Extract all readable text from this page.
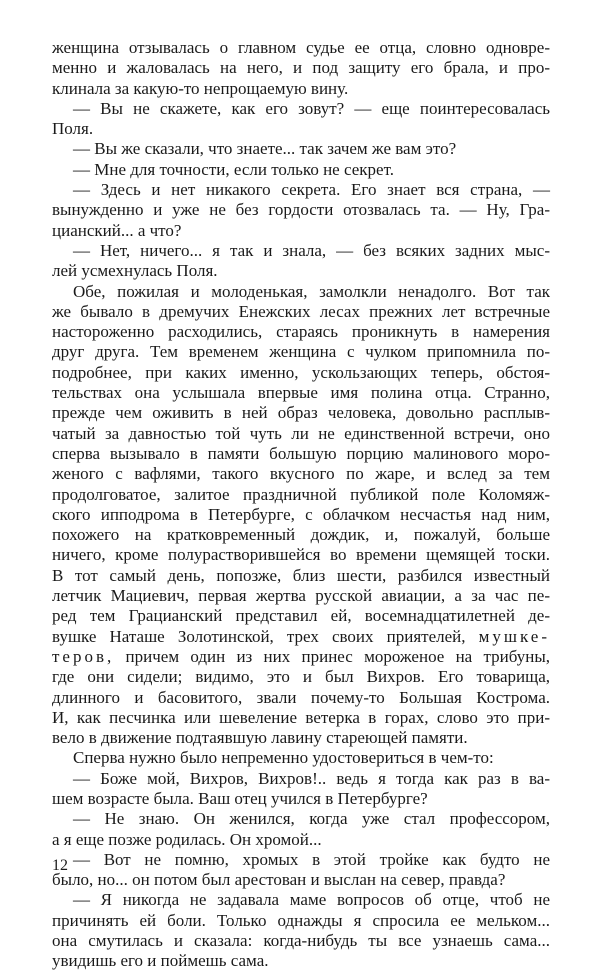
женщина отзывалась о главном судье ее отца, словно одновре-
менно и жаловалась на него, и под защиту его брала, и про-
клинала за какую-то непрощаемую вину.
— Вы не скажете, как его зовут? — еще поинтересовалась
Поля.
— Вы же сказали, что знаете... так зачем же вам это?
— Мне для точности, если только не секрет.
— Здесь и нет никакого секрета. Его знает вся страна, —
вынужденно и уже не без гордости отозвалась та. — Ну, Гра-
цианский... а что?
— Нет, ничего... я так и знала, — без всяких задних мыс-
лей усмехнулась Поля.
Обе, пожилая и молоденькая, замолкли ненадолго. Вот так
же бывало в дремучих Енежских лесах прежних лет встречные
настороженно расходились, стараясь проникнуть в намерения
друг друга. Тем временем женщина с чулком припомнила по-
подробнее, при каких именно, ускользающих теперь, обстоя-
тельствах она услышала впервые имя полина отца. Странно,
прежде чем оживить в ней образ человека, довольно расплыв-
чатый за давностью той чуть ли не единственной встречи, оно
сперва вызывало в памяти большую порцию малинового моро-
женого с вафлями, такого вкусного по жаре, и вслед за тем
продолговатое, залитое праздничной публикой поле Коломяж-
ского ипподрома в Петербурге, с облачком несчастья над ним,
похожего на кратковременный дождик, и, пожалуй, больше
ничего, кроме полурастворившейся во времени щемящей тоски.
В тот самый день, попозже, близ шести, разбился известный
летчик Мациевич, первая жертва русской авиации, а за час пе-
ред тем Грацианский представил ей, восемнадцатилетней де-
вушке Наташе Золотинской, трех своих приятелей, мушке-
теров, причем один из них принес мороженое на трибуны,
где они сидели; видимо, это и был Вихров. Его товарища,
длинного и басовитого, звали почему-то Большая Кострома.
И, как песчинка или шевеление ветерка в горах, слово это при-
вело в движение подтаявшую лавину стареющей памяти.
Сперва нужно было непременно удостовериться в чем-то:
— Боже мой, Вихров, Вихров!.. ведь я тогда как раз в ва-
шем возрасте была. Ваш отец учился в Петербурге?
— Не знаю. Он женился, когда уже стал профессором,
а я еще позже родилась. Он хромой...
— Вот не помню, хромых в этой тройке как будто не
было, но... он потом был арестован и выслан на север, правда?
— Я никогда не задавала маме вопросов об отце, чтоб не
причинять ей боли. Только однажды я спросила ее мельком...
она смутилась и сказала: когда-нибудь ты все узнаешь сама...
увидишь его и поймешь сама.
12
